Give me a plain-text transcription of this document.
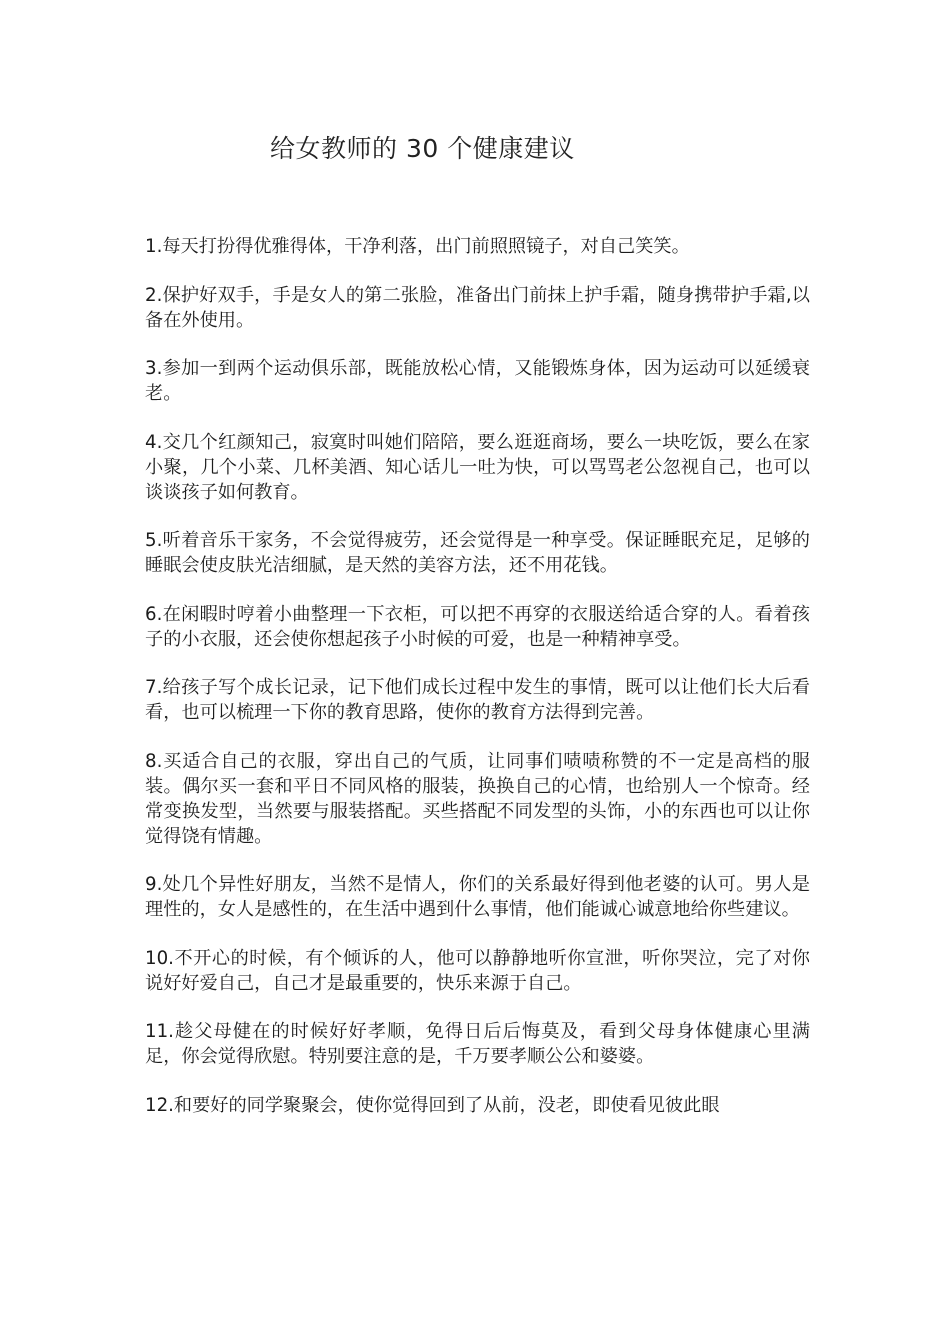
给女教师的 30 个健康建议

1.每天打扮得优雅得体，干净利落，出门前照照镜子，对自己笑笑。

2.保护好双手，手是女人的第二张脸，准备出门前抹上护手霜，随身携带护手霜,以备在外使用。

3.参加一到两个运动俱乐部，既能放松心情，又能锻炼身体，因为运动可以延缓衰老。

4.交几个红颜知己，寂寞时叫她们陪陪，要么逛逛商场，要么一块吃饭，要么在家小聚，几个小菜、几杯美酒、知心话儿一吐为快，可以骂骂老公忽视自己，也可以谈谈孩子如何教育。

5.听着音乐干家务，不会觉得疲劳，还会觉得是一种享受。保证睡眠充足，足够的睡眠会使皮肤光洁细腻，是天然的美容方法，还不用花钱。

6.在闲暇时哼着小曲整理一下衣柜，可以把不再穿的衣服送给适合穿的人。看着孩子的小衣服，还会使你想起孩子小时候的可爱，也是一种精神享受。

7.给孩子写个成长记录，记下他们成长过程中发生的事情，既可以让他们长大后看看，也可以梳理一下你的教育思路，使你的教育方法得到完善。

8.买适合自己的衣服，穿出自己的气质，让同事们啧啧称赞的不一定是高档的服装。偶尔买一套和平日不同风格的服装，换换自己的心情，也给别人一个惊奇。经常变换发型，当然要与服装搭配。买些搭配不同发型的头饰，小的东西也可以让你觉得饶有情趣。

9.处几个异性好朋友，当然不是情人，你们的关系最好得到他老婆的认可。男人是理性的，女人是感性的，在生活中遇到什么事情，他们能诚心诚意地给你些建议。

10.不开心的时候，有个倾诉的人，他可以静静地听你宣泄，听你哭泣，完了对你说好好爱自己，自己才是最重要的，快乐来源于自己。

11.趁父母健在的时候好好孝顺，免得日后后悔莫及，看到父母身体健康心里满足，你会觉得欣慰。特别要注意的是，千万要孝顺公公和婆婆。

12.和要好的同学聚聚会，使你觉得回到了从前，没老，即使看见彼此眼
